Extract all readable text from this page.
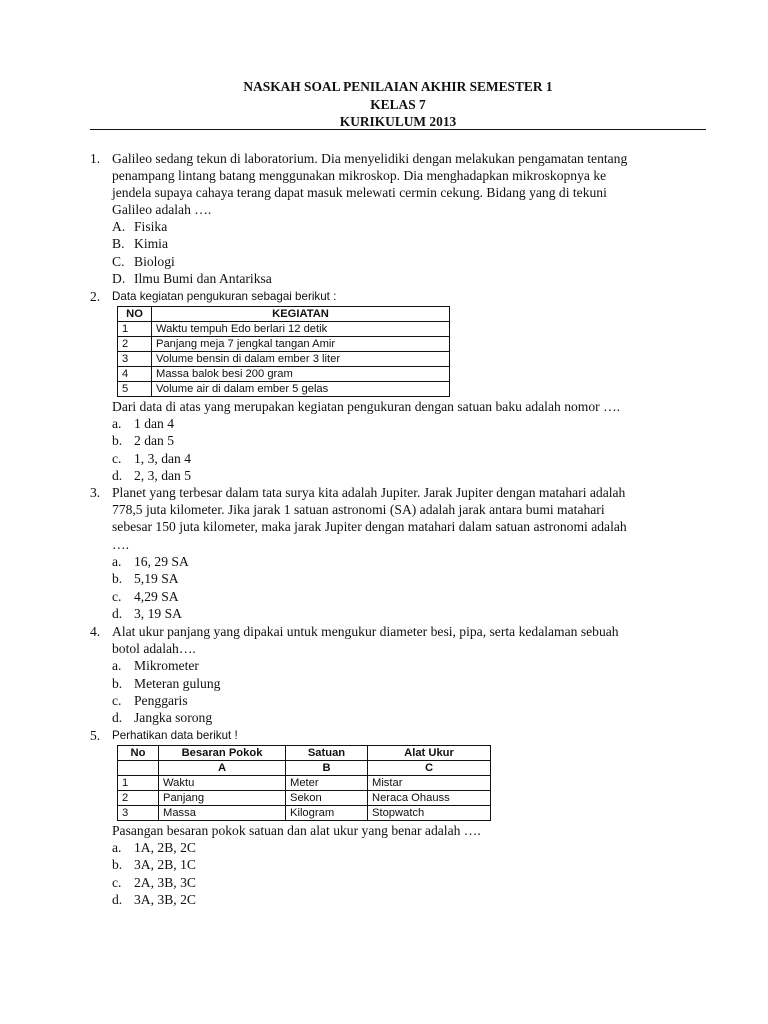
NASKAH SOAL PENILAIAN AKHIR SEMESTER 1
KELAS 7
KURIKULUM 2013
1. Galileo sedang tekun di laboratorium. Dia menyelidiki dengan melakukan pengamatan tentang
penampang lintang batang menggunakan mikroskop. Dia menghadapkan mikroskopnya ke
jendela supaya cahaya terang dapat masuk melewati cermin cekung. Bidang yang di tekuni
Galileo adalah ….
A. Fisika
B. Kimia
C. Biologi
D. Ilmu Bumi dan Antariksa
2. Data kegiatan pengukuran sebagai berikut :
NO	KEGIATAN
1	Waktu tempuh Edo berlari 12 detik
2	Panjang meja 7 jengkal tangan Amir
3	Volume bensin di dalam ember 3 liter
4	Massa balok besi 200 gram
5	Volume air di dalam ember 5 gelas
Dari data di atas yang merupakan kegiatan pengukuran dengan satuan baku adalah nomor ….
a. 1 dan 4
b. 2 dan 5
c. 1, 3, dan 4
d. 2, 3, dan 5
3. Planet yang terbesar dalam tata surya kita adalah Jupiter. Jarak Jupiter dengan matahari adalah
778,5 juta kilometer. Jika jarak 1 satuan astronomi (SA) adalah jarak antara bumi matahari
sebesar 150 juta kilometer, maka jarak Jupiter dengan matahari dalam satuan astronomi adalah
….
a. 16, 29 SA
b. 5,19 SA
c. 4,29 SA
d. 3, 19 SA
4. Alat ukur panjang yang dipakai untuk mengukur diameter besi, pipa, serta kedalaman sebuah
botol adalah….
a. Mikrometer
b. Meteran gulung
c. Penggaris
d. Jangka sorong
5. Perhatikan data berikut !
No	Besaran Pokok	Satuan	Alat Ukur
	A	B	C
1	Waktu	Meter	Mistar
2	Panjang	Sekon	Neraca Ohauss
3	Massa	Kilogram	Stopwatch
Pasangan besaran pokok satuan dan alat ukur yang benar adalah ….
a. 1A, 2B, 2C
b. 3A, 2B, 1C
c. 2A, 3B, 3C
d. 3A, 3B, 2C
